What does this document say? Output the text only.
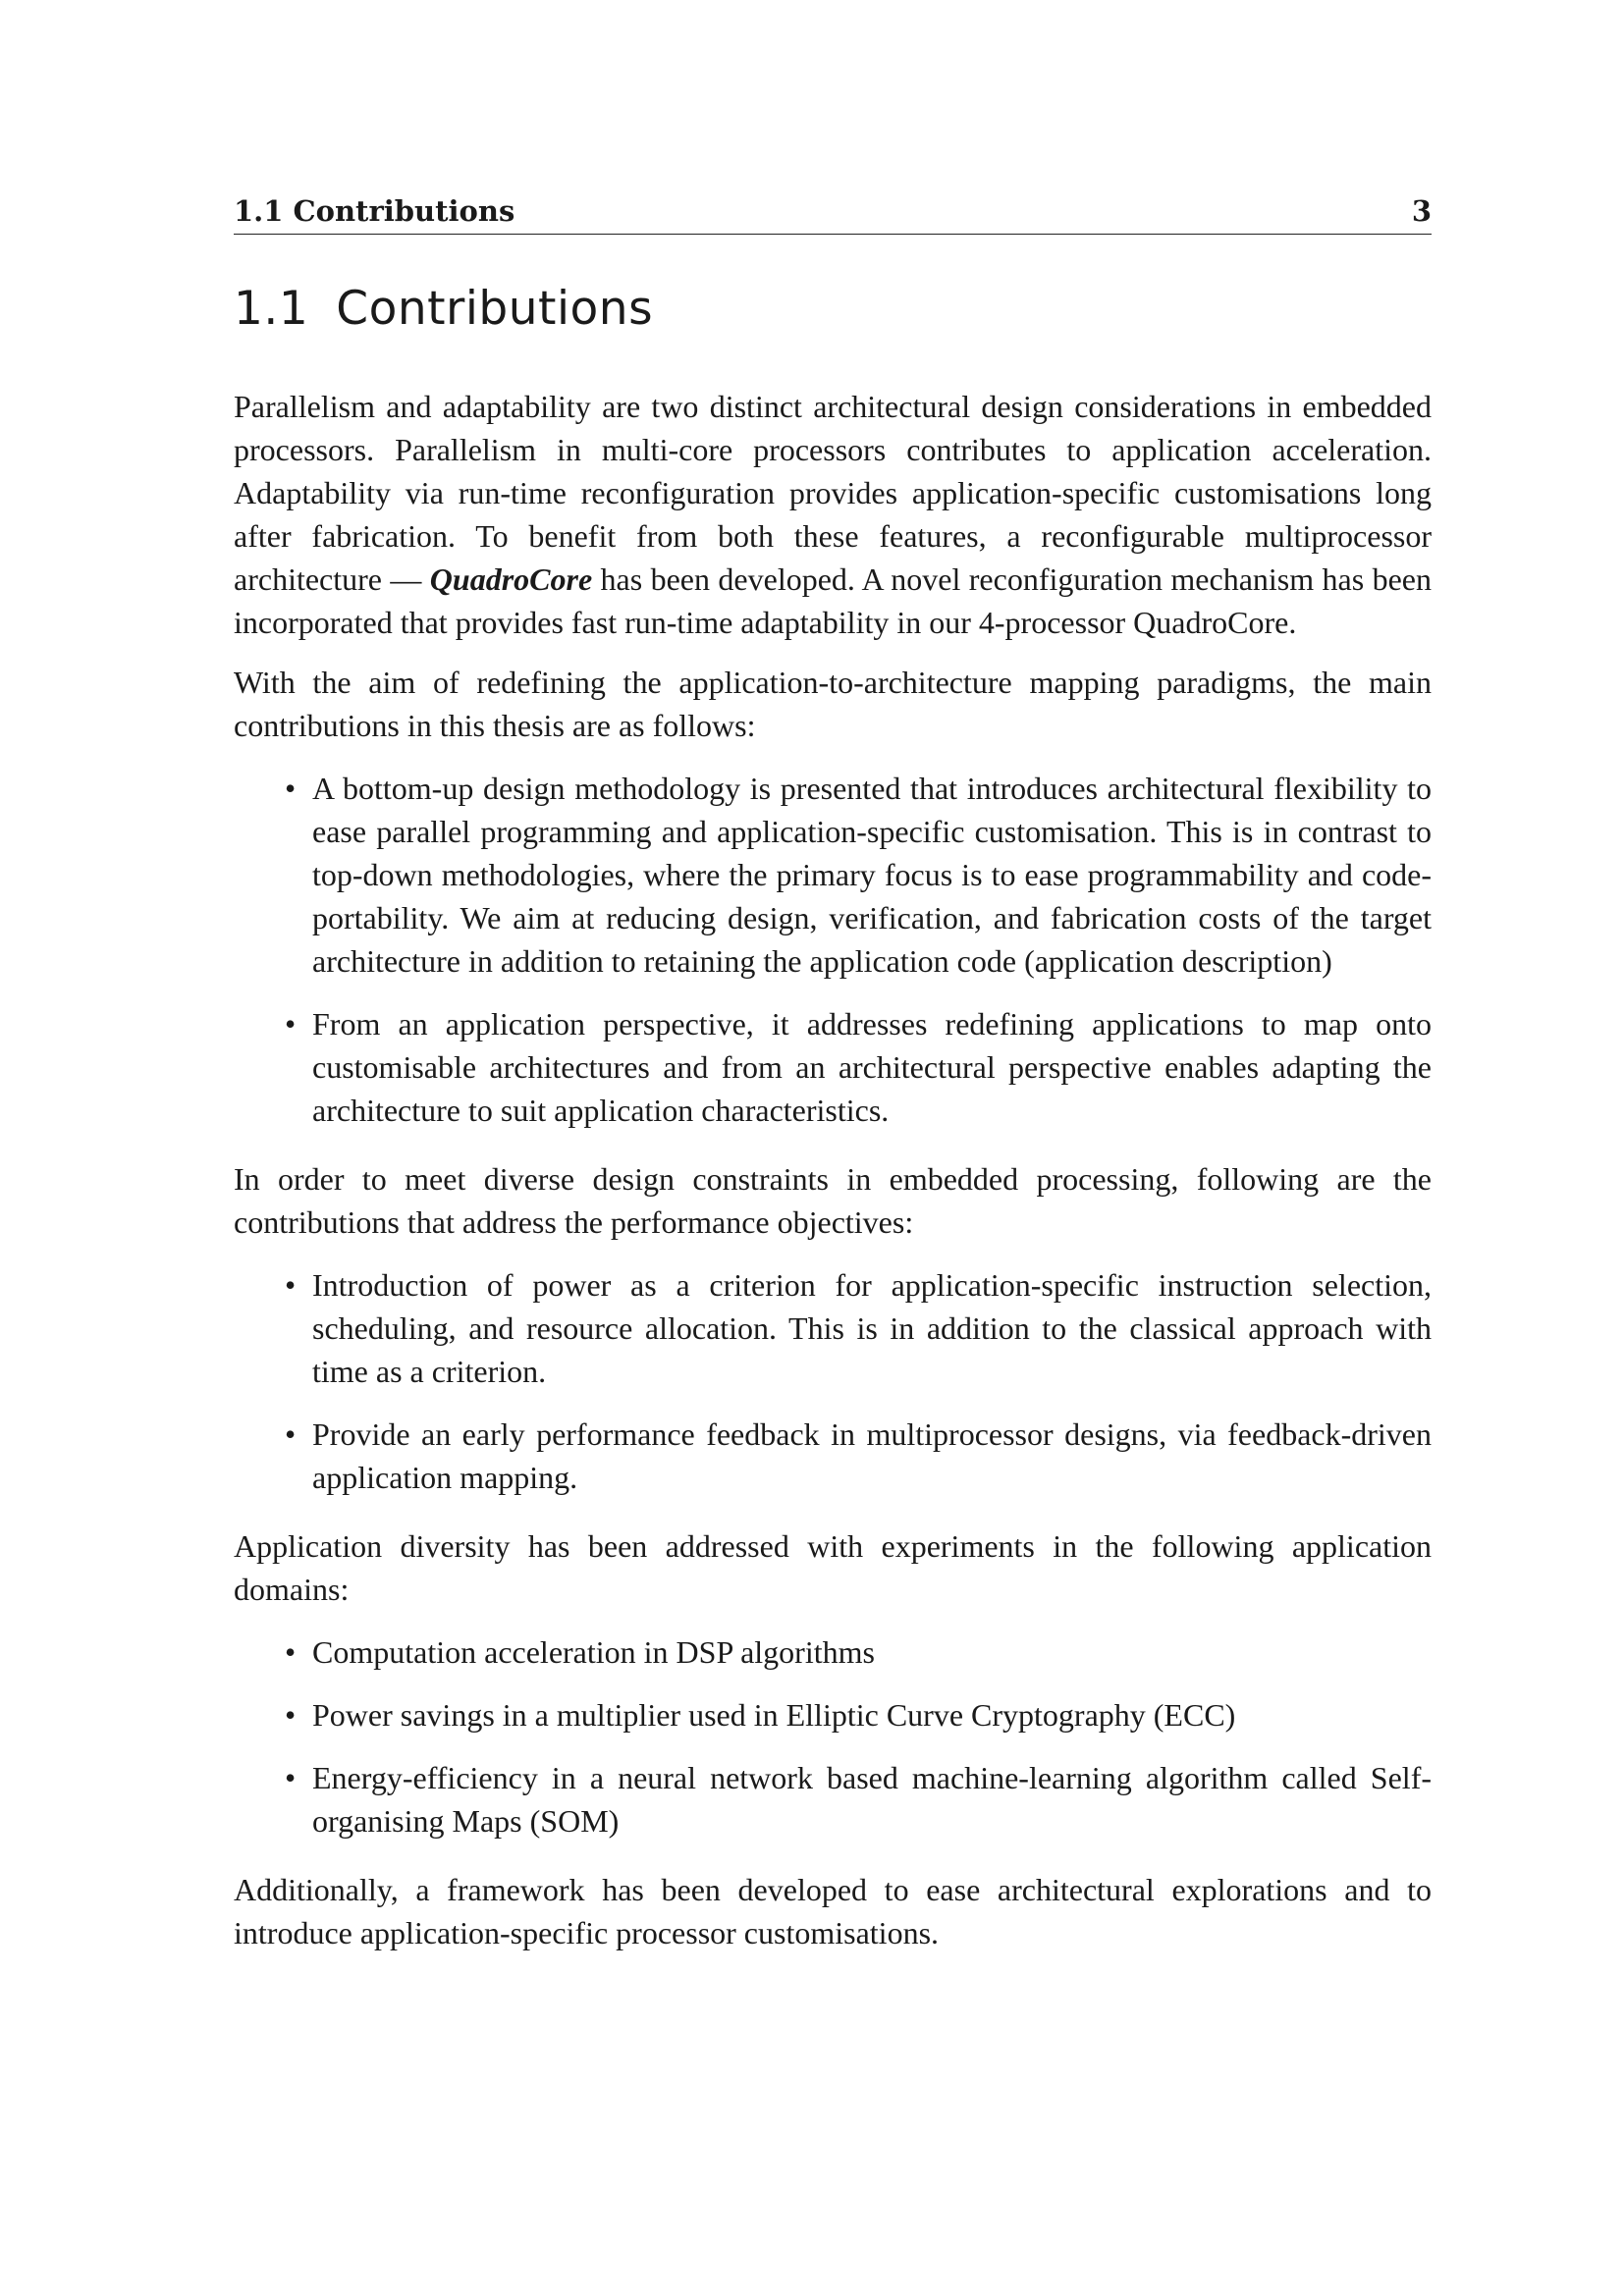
1.1 Contributions	3
1.1 Contributions

Parallelism and adaptability are two distinct architectural design considerations in embedded processors. Parallelism in multi-core processors contributes to application acceleration. Adaptability via run-time reconfiguration provides application-specific customisations long after fabrication. To benefit from both these features, a reconfigurable multiprocessor architecture — QuadroCore has been developed. A novel reconfiguration mechanism has been incorporated that provides fast run-time adaptability in our 4-processor QuadroCore.

With the aim of redefining the application-to-architecture mapping paradigms, the main contributions in this thesis are as follows:

• A bottom-up design methodology is presented that introduces architectural flexibility to ease parallel programming and application-specific customisation. This is in contrast to top-down methodologies, where the primary focus is to ease programmability and code-portability. We aim at reducing design, verification, and fabrication costs of the target architecture in addition to retaining the application code (application description)
• From an application perspective, it addresses redefining applications to map onto customisable architectures and from an architectural perspective enables adapting the architecture to suit application characteristics.

In order to meet diverse design constraints in embedded processing, following are the contributions that address the performance objectives:

• Introduction of power as a criterion for application-specific instruction selection, scheduling, and resource allocation. This is in addition to the classical approach with time as a criterion.
• Provide an early performance feedback in multiprocessor designs, via feedback-driven application mapping.

Application diversity has been addressed with experiments in the following application domains:

• Computation acceleration in DSP algorithms
• Power savings in a multiplier used in Elliptic Curve Cryptography (ECC)
• Energy-efficiency in a neural network based machine-learning algorithm called Self-organising Maps (SOM)

Additionally, a framework has been developed to ease architectural explorations and to introduce application-specific processor customisations.
